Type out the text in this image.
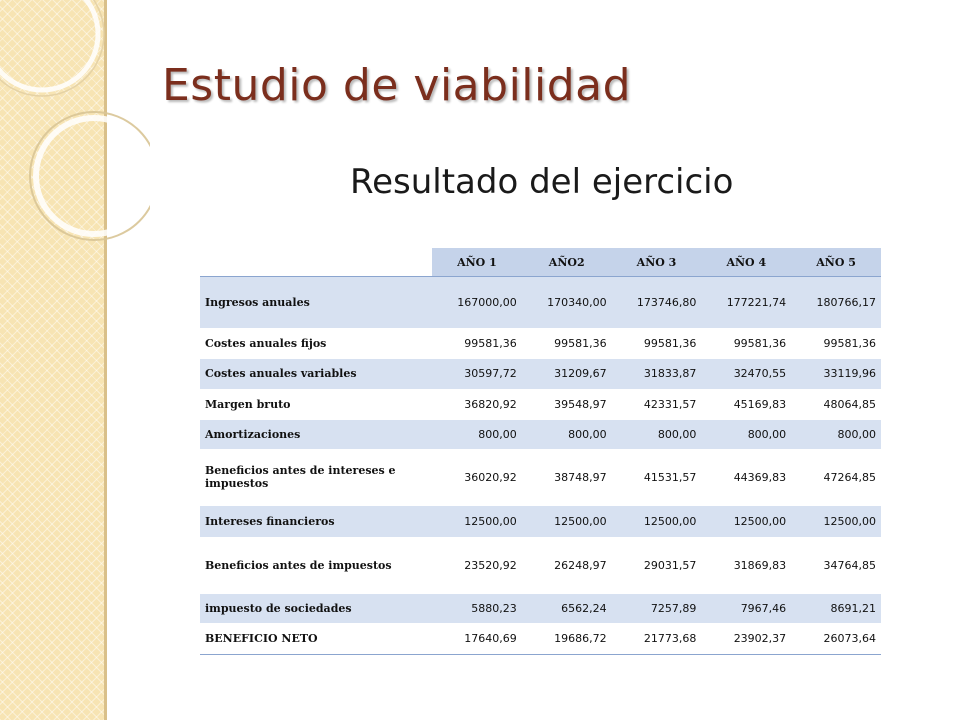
Estudio de viabilidad
Resultado del ejercicio
	AÑO 1	AÑO2	AÑO 3	AÑO 4	AÑO 5
Ingresos anuales	167000,00	170340,00	173746,80	177221,74	180766,17
Costes anuales fijos	99581,36	99581,36	99581,36	99581,36	99581,36
Costes anuales variables	30597,72	31209,67	31833,87	32470,55	33119,96
Margen bruto	36820,92	39548,97	42331,57	45169,83	48064,85
Amortizaciones	800,00	800,00	800,00	800,00	800,00
Beneficios antes de intereses e impuestos	36020,92	38748,97	41531,57	44369,83	47264,85
Intereses financieros	12500,00	12500,00	12500,00	12500,00	12500,00
Beneficios antes de impuestos	23520,92	26248,97	29031,57	31869,83	34764,85
impuesto de sociedades	5880,23	6562,24	7257,89	7967,46	8691,21
BENEFICIO NETO	17640,69	19686,72	21773,68	23902,37	26073,64
